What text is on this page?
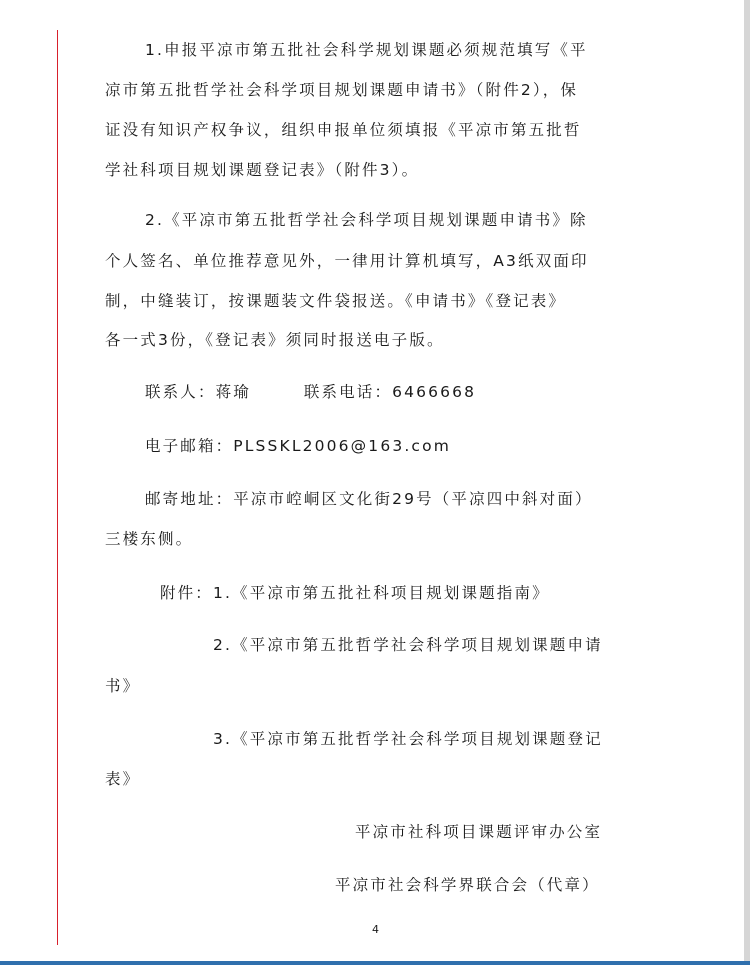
1.申报平凉市第五批社会科学规划课题必须规范填写《平

凉市第五批哲学社会科学项目规划课题申请书》（附件2），保

证没有知识产权争议，组织申报单位须填报《平凉市第五批哲

学社科项目规划课题登记表》（附件3）。

2.《平凉市第五批哲学社会科学项目规划课题申请书》除

个人签名、单位推荐意见外，一律用计算机填写，A3纸双面印

制，中缝装订，按课题装文件袋报送。《申请书》《登记表》

各一式3份，《登记表》须同时报送电子版。

联系人：蒋瑜　　　联系电话：6466668

电子邮箱：PLSSKL2006@163.com

邮寄地址：平凉市崆峒区文化街29号（平凉四中斜对面）

三楼东侧。

附件：1.《平凉市第五批社科项目规划课题指南》

2.《平凉市第五批哲学社会科学项目规划课题申请

书》

3.《平凉市第五批哲学社会科学项目规划课题登记

表》

平凉市社科项目课题评审办公室

平凉市社会科学界联合会（代章）

4
